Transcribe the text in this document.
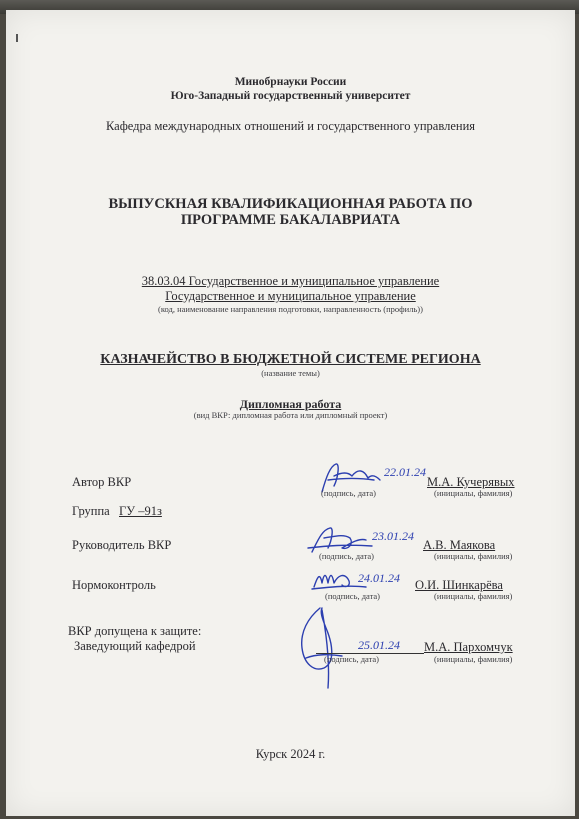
Минобрнауки России
Юго-Западный государственный университет
Кафедра международных отношений и государственного управления
ВЫПУСКНАЯ КВАЛИФИКАЦИОННАЯ РАБОТА ПО
ПРОГРАММЕ БАКАЛАВРИАТА
38.03.04 Государственное и муниципальное управление
Государственное и муниципальное управление
(код, наименование направления подготовки, направленность (профиль))
КАЗНАЧЕЙСТВО В БЮДЖЕТНОЙ СИСТЕМЕ РЕГИОНА
(название темы)
Дипломная работа
(вид ВКР: дипломная работа или дипломный проект)
Автор ВКР
22.01.24
М.А. Кучерявых
(подпись, дата)	(инициалы, фамилия)
Группа ГУ –91з
Руководитель ВКР
23.01.24
А.В. Маякова
(подпись, дата)	(инициалы, фамилия)
Нормоконтроль	24.01.24 О.И. Шинкарёва
(подпись, дата)	(инициалы, фамилия)
ВКР допущена к защите:
Заведующий кафедрой	25.01.24 М.А. Пархомчук
(подпись, дата)	(инициалы, фамилия)
Курск 2024 г.
